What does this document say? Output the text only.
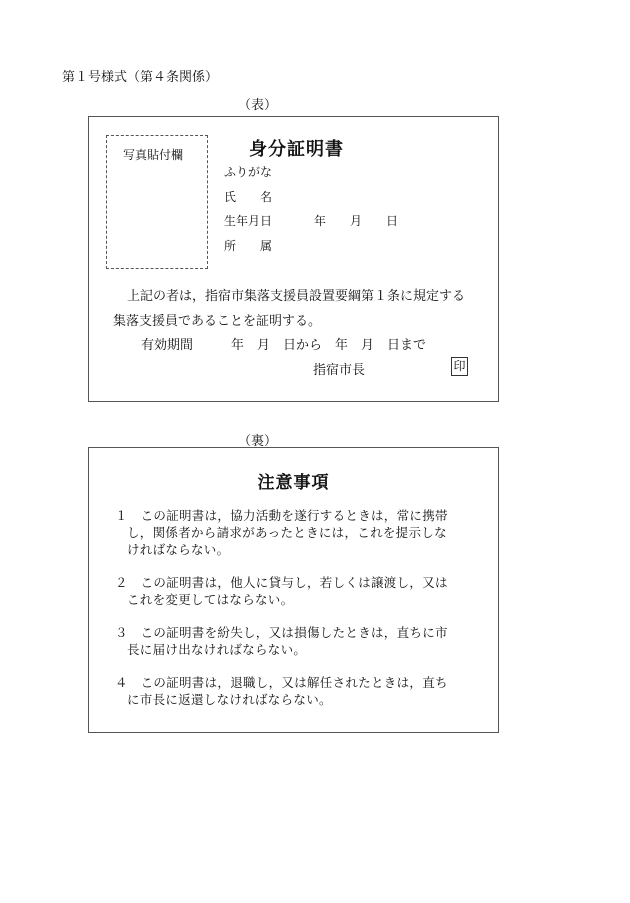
第１号様式（第４条関係）
（表）
写真貼付欄	身分証明書
ふりがな
氏　　名
生年月日	年 月 日
所　　属
上記の者は，指宿市集落支援員設置要綱第１条に規定する
集落支援員であることを証明する。
有効期間	年　月　日から　年　月　日まで
指宿市長	印
（裏）
注意事項
１　この証明書は，協力活動を遂行するときは，常に携帯
し，関係者から請求があったときには，これを提示しな
ければならない。
２　この証明書は，他人に貸与し，若しくは譲渡し，又は
これを変更してはならない。
３　この証明書を紛失し，又は損傷したときは，直ちに市
長に届け出なければならない。
４　この証明書は，退職し，又は解任されたときは，直ち
に市長に返還しなければならない。
